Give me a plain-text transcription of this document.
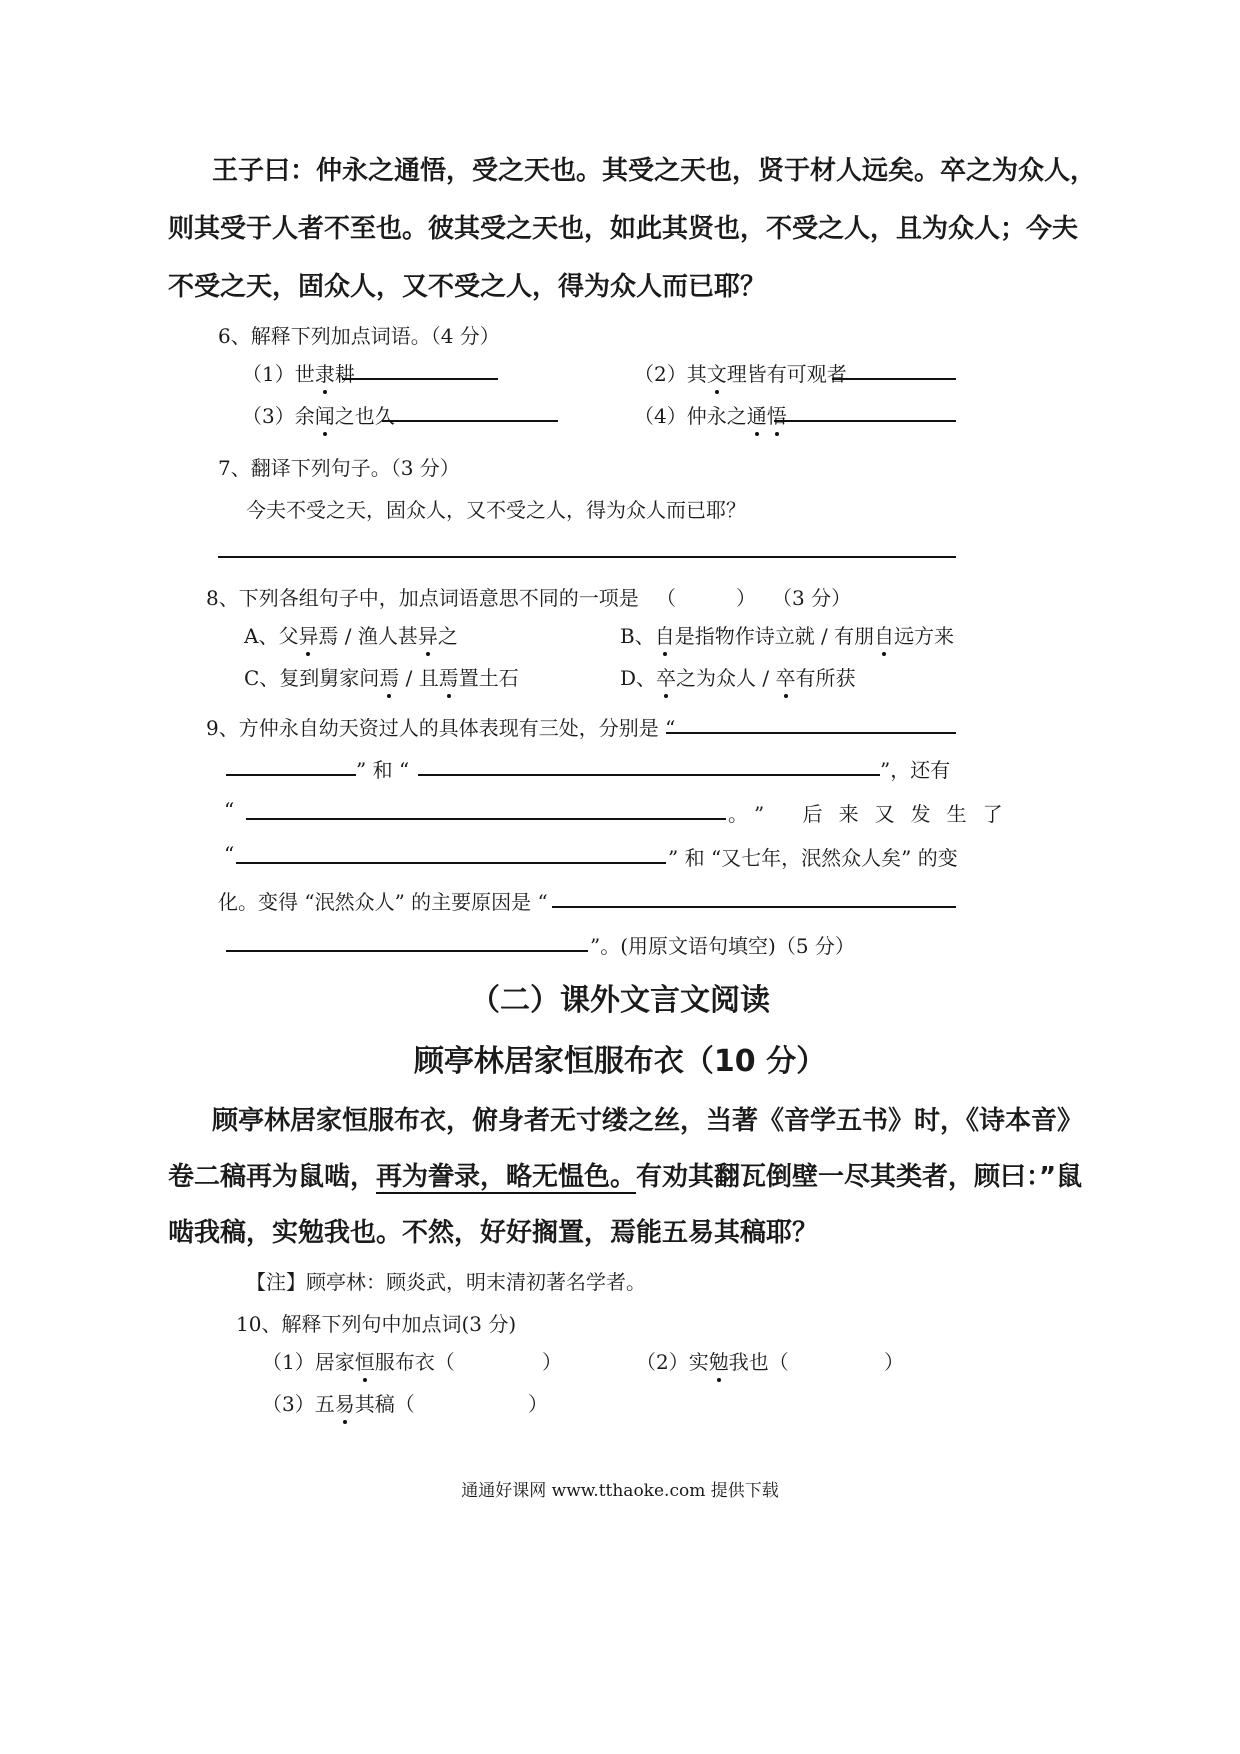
王子曰：仲永之通悟，受之天也。其受之天也，贤于材人远矣。卒之为众人，
则其受于人者不至也。彼其受之天也，如此其贤也，不受之人，且为众人；今夫
不受之天，固众人，又不受之人，得为众人而已耶？
6、解释下列加点词语。（4 分）
（1）世隶耕	（2）其文理皆有可观者
（3）余闻之也久	（4）仲永之通悟
7、翻译下列句子。（3 分）
今夫不受之天，固众人，又不受之人，得为众人而已耶？
8、下列各组句子中，加点词语意思不同的一项是 （	） （3 分）
A、父异焉 / 渔人甚异之	B、自是指物作诗立就 / 有朋自远方来
C、复到舅家问焉 / 且焉置土石	D、卒之为众人 / 卒有所获
9、方仲永自幼天资过人的具体表现有三处，分别是 “
” 和 “	”，还有
“	。” 后来又发生了
“	” 和 “又七年，泯然众人矣” 的变
化。变得 “泯然众人” 的主要原因是 “
”。(用原文语句填空)（5 分）
（二）课外文言文阅读
顾亭林居家恒服布衣（10 分）
顾亭林居家恒服布衣，俯身者无寸缕之丝，当著《音学五书》时，《诗本音》
卷二稿再为鼠啮，再为誊录，略无愠色。有劝其翻瓦倒壁一尽其类者，顾曰：”鼠
啮我稿，实勉我也。不然，好好搁置，焉能五易其稿耶？
【注】顾亭林：顾炎武，明末清初著名学者。
10、解释下列句中加点词(3 分)
（1）居家恒服布衣（	）	（2）实勉我也（	）
（3）五易其稿（	）
通通好课网 www.tthaoke.com 提供下载
